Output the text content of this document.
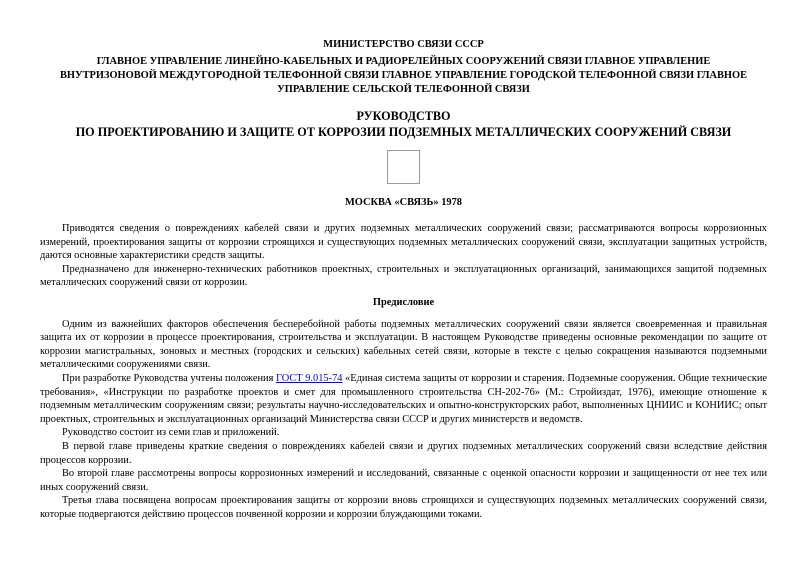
МИНИСТЕРСТВО СВЯЗИ СССР
ГЛАВНОЕ УПРАВЛЕНИЕ ЛИНЕЙНО-КАБЕЛЬНЫХ И РАДИОРЕЛЕЙНЫХ СООРУЖЕНИЙ СВЯЗИ ГЛАВНОЕ УПРАВЛЕНИЕ ВНУТРИЗОНОВОЙ МЕЖДУГОРОДНОЙ ТЕЛЕФОННОЙ СВЯЗИ ГЛАВНОЕ УПРАВЛЕНИЕ ГОРОДСКОЙ ТЕЛЕФОННОЙ СВЯЗИ ГЛАВНОЕ УПРАВЛЕНИЕ СЕЛЬСКОЙ ТЕЛЕФОННОЙ СВЯЗИ
РУКОВОДСТВО
ПО ПРОЕКТИРОВАНИЮ И ЗАЩИТЕ ОТ КОРРОЗИИ ПОДЗЕМНЫХ МЕТАЛЛИЧЕСКИХ СООРУЖЕНИЙ СВЯЗИ
МОСКВА «СВЯЗЬ» 1978

Приводятся сведения о повреждениях кабелей связи и других подземных металлических сооружений связи; рассматриваются вопросы коррозионных измерений, проектирования защиты от коррозии строящихся и существующих подземных металлических сооружений связи, эксплуатации защитных устройств, даются основные характеристики средств защиты.

Предназначено для инженерно-технических работников проектных, строительных и эксплуатационных организаций, занимающихся защитой подземных металлических сооружений связи от коррозии.

Предисловие

Одним из важнейших факторов обеспечения бесперебойной работы подземных металлических сооружений связи является своевременная и правильная защита их от коррозии в процессе проектирования, строительства и эксплуатации. В настоящем Руководстве приведены основные рекомендации по защите от коррозии магистральных, зоновых и местных (городских и сельских) кабельных сетей связи, которые в тексте с целью сокращения называются подземными металлическими сооружениями связи.

При разработке Руководства учтены положения ГОСТ 9.015-74 «Единая система защиты от коррозии и старения. Подземные сооружения. Общие технические требования», «Инструкции по разработке проектов и смет для промышленного строительства СН-202-76» (М.: Стройиздат, 1976), имеющие отношение к подземным металлическим сооружениям связи; результаты научно-исследовательских и опытно-конструкторских работ, выполненных ЦНИИС и КОНИИС; опыт проектных, строительных и эксплуатационных организаций Министерства связи СССР и других министерств и ведомств.

Руководство состоит из семи глав и приложений.

В первой главе приведены краткие сведения о повреждениях кабелей связи и других подземных металлических сооружений связи вследствие действия процессов коррозии.

Во второй главе рассмотрены вопросы коррозионных измерений и исследований, связанные с оценкой опасности коррозии и защищенности от нее тех или иных сооружений связи.

Третья глава посвящена вопросам проектирования защиты от коррозии вновь строящихся и существующих подземных металлических сооружений связи, которые подвергаются действию процессов почвенной коррозии и коррозии блуждающими токами.
